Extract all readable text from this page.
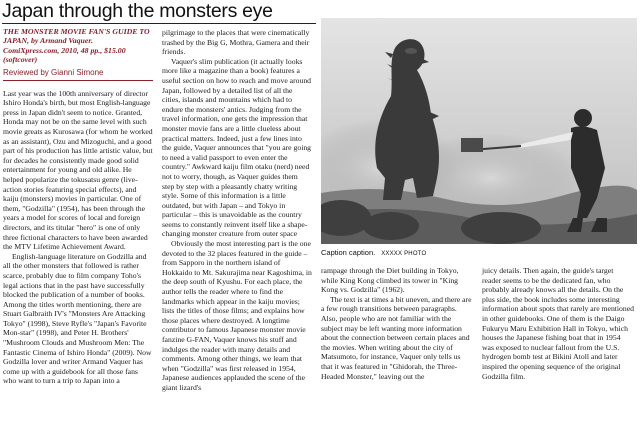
Japan through the monsters eye

THE MONSTER MOVIE FAN'S GUIDE TO

JAPAN, by Armand Vaquer.

ComiXpress.com, 2010, 48 pp., $15.00

(softcover)

Reviewed by Gianni Simone

Last year was the 100th anniversary of director Ishiro Honda's birth, but most English-language press in Japan didn't seem to notice. Granted, Honda may not be on the same level with such movie greats as Kurosawa (for whom he worked as an assistant), Ozu and Mizoguchi, and a good part of his production has little artistic value, but for decades he consistently made good solid entertainment for young and old alike. He helped popularize the tokusatsu genre (live-action stories featuring special effects), and kaiju (monsters) movies in particular. One of them, "Godzilla" (1954), has been through the years a model for scores of local and foreign directors, and its titular "hero" is one of only three fictional characters to have been awarded the MTV Lifetime Achievement Award.

English-language literature on Godzilla and all the other monsters that followed is rather scarce, probably due to film company Toho's legal actions that in the past have successfully blocked the publication of a number of books. Among the titles worth mentioning, there are Stuart Galbraith IV's "Monsters Are Attacking Tokyo" (1998), Steve Ryfle's "Japan's Favorite Mon-star" (1998), and Peter H. Brothers' "Mushroom Clouds and Mushroom Men: The Fantastic Cinema of Ishiro Honda" (2009). Now Godzilla lover and writer Armand Vaquer has come up with a guidebook for all those fans who want to turn a trip to Japan into a

pilgrimage to the places that were cinematically trashed by the Big G, Mothra, Gamera and their friends.

Vaquer's slim publication (it actually looks more like a magazine than a book) features a useful section on how to reach and move around Japan, followed by a detailed list of all the cities, islands and mountains which had to endure the monsters' antics. Judging from the travel information, one gets the impression that monster movie fans are a little clueless about practical matters. Indeed, just a few lines into the guide, Vaquer announces that "you are going to need a valid passport to even enter the country." Awkward kaiju film otaku (nerd) need not to worry, though, as Vaquer guides them step by step with a pleasantly chatty writing style. Some of this information is a little outdated, but with Japan – and Tokyo in particular – this is unavoidable as the country seems to constantly reinvent itself like a shape-changing monster creature from outer space

Obviously the most interesting part is the one devoted to the 32 places featured in the guide – from Sapporo in the northern island of Hokkaido to Mt. Sakurajima near Kagoshima, in the deep south of Kyushu. For each place, the author tells the reader where to find the landmarks which appear in the kaiju movies; lists the titles of those films; and explains how those places where destroyed. A longtime contributor to famous Japanese monster movie fanzine G-FAN, Vaquer knows his stuff and indulges the reader with many details and comments. Among other things, we learn that when "Godzilla" was first released in 1954, Japanese audiences applauded the scene of the giant lizard's

Caption caption. XXXXX PHOTO

rampage through the Diet building in Tokyo, while King Kong climbed its tower in "King Kong vs. Godzilla" (1962).

The text is at times a bit uneven, and there are a few rough transitions between paragraphs. Also, people who are not familiar with the subject may be left wanting more information about the connection between certain places and the movies. When writing about the city of Matsumoto, for instance, Vaquer only tells us that it was featured in "Ghidorah, the Three-Headed Monster," leaving out the

juicy details. Then again, the guide's target reader seems to be the dedicated fan, who probably already knows all the details. On the plus side, the book includes some interesting information about spots that rarely are mentioned in other guidebooks. One of them is the Daigo Fukuryu Maru Exhibition Hall in Tokyo, which houses the Japanese fishing boat that in 1954 was exposed to nuclear fallout from the U.S. hydrogen bomb test at Bikini Atoll and later inspired the opening sequence of the original Godzilla film.
